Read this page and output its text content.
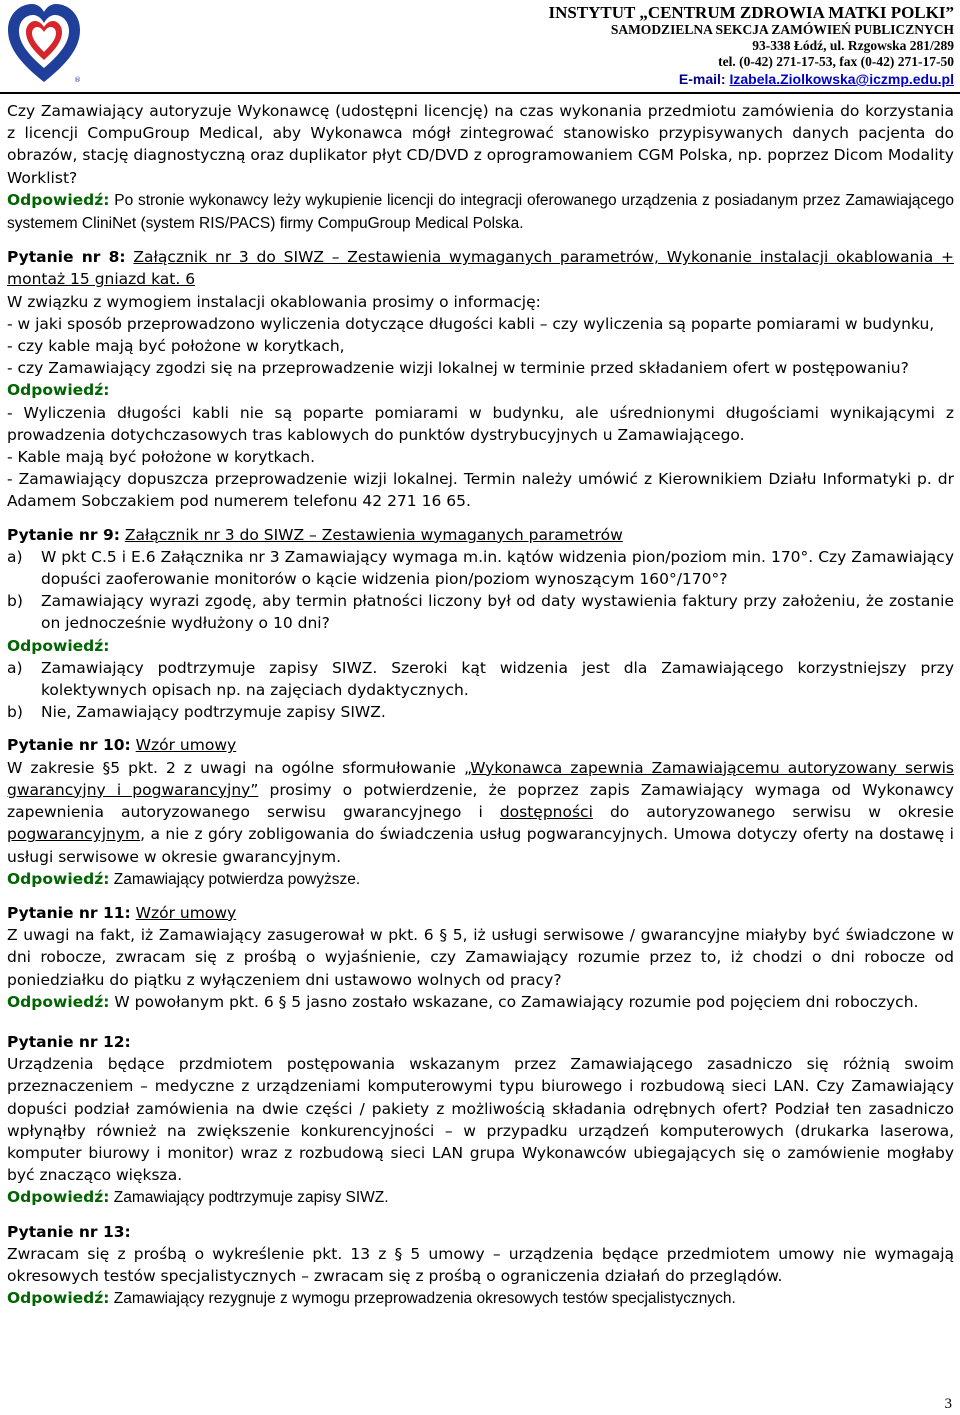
®
INSTYTUT „CENTRUM ZDROWIA MATKI POLKI”
SAMODZIELNA SEKCJA ZAMÓWIEŃ PUBLICZNYCH
93-338 Łódź, ul. Rzgowska 281/289
tel. (0-42) 271-17-53, fax (0-42) 271-17-50
E-mail: Izabela.Ziolkowska@iczmp.edu.pl

Czy Zamawiający autoryzuje Wykonawcę (udostępni licencję) na czas wykonania przedmiotu zamówienia do korzystania z licencji CompuGroup Medical, aby Wykonawca mógł zintegrować stanowisko przypisywanych danych pacjenta do obrazów, stację diagnostyczną oraz duplikator płyt CD/DVD z oprogramowaniem CGM Polska, np. poprzez Dicom Modality Worklist?

Odpowiedź: Po stronie wykonawcy leży wykupienie licencji do integracji oferowanego urządzenia z posiadanym przez Zamawiającego systemem CliniNet (system RIS/PACS) firmy CompuGroup Medical Polska.

Pytanie nr 8: Załącznik nr 3 do SIWZ – Zestawienia wymaganych parametrów, Wykonanie instalacji okablowania + montaż 15 gniazd kat. 6

W związku z wymogiem instalacji okablowania prosimy o informację:

- w jaki sposób przeprowadzono wyliczenia dotyczące długości kabli – czy wyliczenia są poparte pomiarami w budynku,

- czy kable mają być położone w korytkach,

- czy Zamawiający zgodzi się na przeprowadzenie wizji lokalnej w terminie przed składaniem ofert w postępowaniu?

Odpowiedź:

- Wyliczenia długości kabli nie są poparte pomiarami w budynku, ale uśrednionymi długościami wynikającymi z prowadzenia dotychczasowych tras kablowych do punktów dystrybucyjnych u Zamawiającego.

- Kable mają być położone w korytkach.

- Zamawiający dopuszcza przeprowadzenie wizji lokalnej. Termin należy umówić z Kierownikiem Działu Informatyki p. dr Adamem Sobczakiem pod numerem telefonu 42 271 16 65.

Pytanie nr 9: Załącznik nr 3 do SIWZ – Zestawienia wymaganych parametrów

a)	W pkt C.5 i E.6 Załącznika nr 3 Zamawiający wymaga m.in. kątów widzenia pion/poziom min. 170°. Czy Zamawiający dopuści zaoferowanie monitorów o kącie widzenia pion/poziom wynoszącym 160°/170°?
b)	Zamawiający wyrazi zgodę, aby termin płatności liczony był od daty wystawienia faktury przy założeniu, że zostanie on jednocześnie wydłużony o 10 dni?

Odpowiedź:

a)	Zamawiający podtrzymuje zapisy SIWZ. Szeroki kąt widzenia jest dla Zamawiającego korzystniejszy przy kolektywnych opisach np. na zajęciach dydaktycznych.
b)	Nie, Zamawiający podtrzymuje zapisy SIWZ.

Pytanie nr 10: Wzór umowy

W zakresie §5 pkt. 2 z uwagi na ogólne sformułowanie „Wykonawca zapewnia Zamawiającemu autoryzowany serwis gwarancyjny i pogwarancyjny” prosimy o potwierdzenie, że poprzez zapis Zamawiający wymaga od Wykonawcy zapewnienia autoryzowanego serwisu gwarancyjnego i dostępności do autoryzowanego serwisu w okresie pogwarancyjnym, a nie z góry zobligowania do świadczenia usług pogwarancyjnych. Umowa dotyczy oferty na dostawę i usługi serwisowe w okresie gwarancyjnym.

Odpowiedź: Zamawiający potwierdza powyższe.

Pytanie nr 11: Wzór umowy

Z uwagi na fakt, iż Zamawiający zasugerował w pkt. 6 § 5, iż usługi serwisowe / gwarancyjne miałyby być świadczone w dni robocze, zwracam się z prośbą o wyjaśnienie, czy Zamawiający rozumie przez to, iż chodzi o dni robocze od poniedziałku do piątku z wyłączeniem dni ustawowo wolnych od pracy?

Odpowiedź: W powołanym pkt. 6 § 5 jasno zostało wskazane, co Zamawiający rozumie pod pojęciem dni roboczych.

Pytanie nr 12:

Urządzenia będące przdmiotem postępowania wskazanym przez Zamawiającego zasadniczo się różnią swoim przeznaczeniem – medyczne z urządzeniami komputerowymi typu biurowego i rozbudową sieci LAN. Czy Zamawiający dopuści podział zamówienia na dwie części / pakiety z możliwością składania odrębnych ofert? Podział ten zasadniczo wpłynąłby również na zwiększenie konkurencyjności – w przypadku urządzeń komputerowych (drukarka laserowa, komputer biurowy i monitor) wraz z rozbudową sieci LAN grupa Wykonawców ubiegających się o zamówienie mogłaby być znacząco większa.

Odpowiedź: Zamawiający podtrzymuje zapisy SIWZ.

Pytanie nr 13:

Zwracam się z prośbą o wykreślenie pkt. 13 z § 5 umowy – urządzenia będące przedmiotem umowy nie wymagają okresowych testów specjalistycznych – zwracam się z prośbą o ograniczenia działań do przeglądów.

Odpowiedź: Zamawiający rezygnuje z wymogu przeprowadzenia okresowych testów specjalistycznych.

3
